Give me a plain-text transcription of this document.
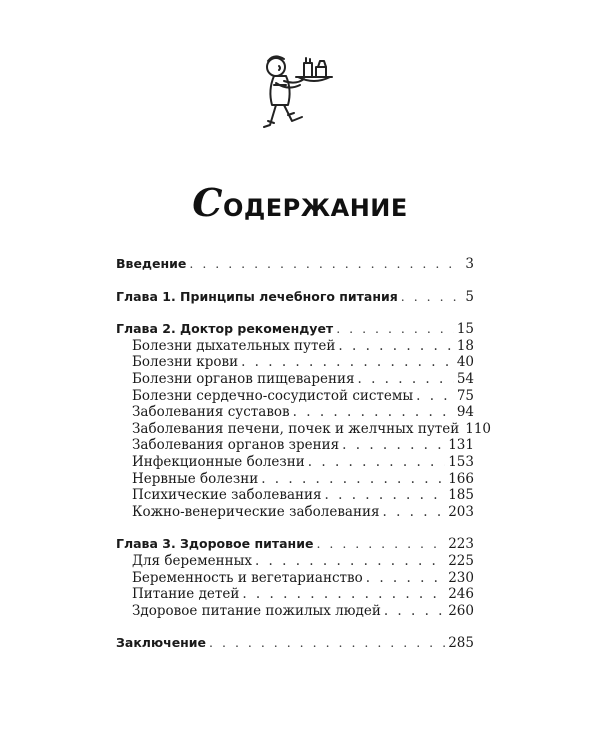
СОДЕРЖАНИЕ
Введение . . .	3
Глава 1. Принципы лечебного питания . . .	5
Глава 2. Доктор рекомендует . . .	15
Болезни дыхательных путей . . .	18
Болезни крови . . .	40
Болезни органов пищеварения . . .	54
Болезни сердечно-сосудистой системы . . .	75
Заболевания суставов . . .	94
Заболевания печени, почек и желчных путей 110
Заболевания органов зрения . . .	131
Инфекционные болезни . . .	153
Нервные болезни . . .	166
Психические заболевания . . .	185
Кожно-венерические заболевания . . .	203
Глава 3. Здоровое питание . . .	223
Для беременных . . .	225
Беременность и вегетарианство . . .	230
Питание детей . . .	246
Здоровое питание пожилых людей . . .	260
Заключение . . .	285
